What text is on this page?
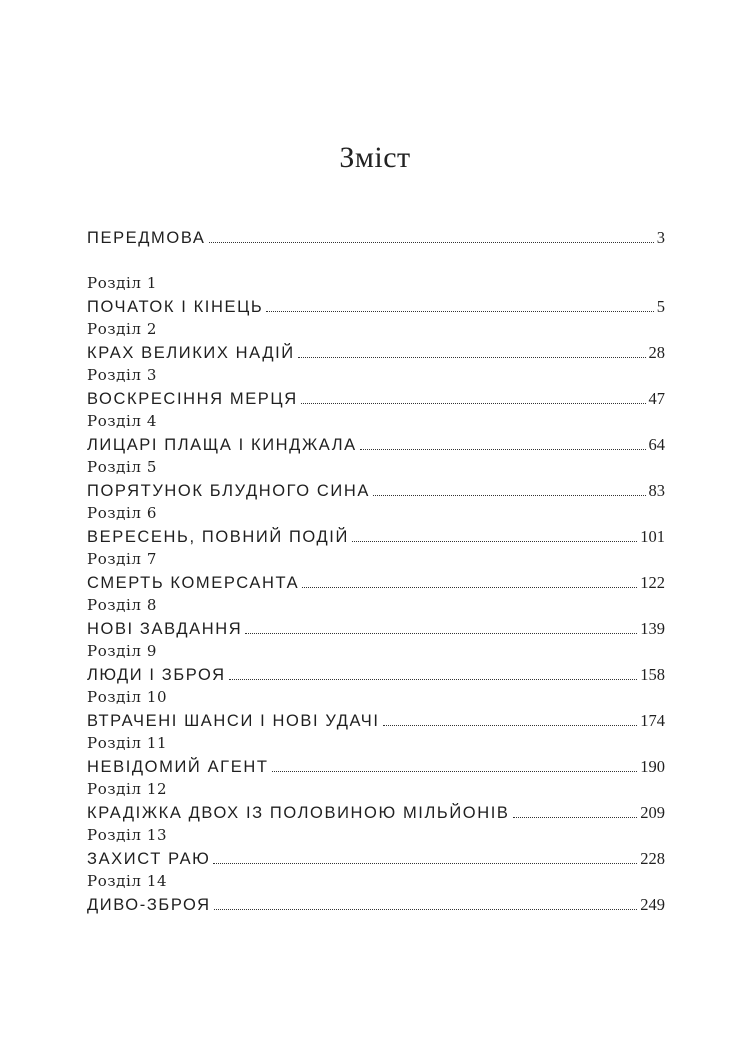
Зміст
ПЕРЕДМОВА	3
Розділ 1
ПОЧАТОК І КІНЕЦЬ	5
Розділ 2
КРАХ ВЕЛИКИХ НАДІЙ	28
Розділ 3
ВОСКРЕСІННЯ МЕРЦЯ	47
Розділ 4
ЛИЦАРІ ПЛАЩА І КИНДЖАЛА	64
Розділ 5
ПОРЯТУНОК БЛУДНОГО СИНА	83
Розділ 6
ВЕРЕСЕНЬ, ПОВНИЙ ПОДІЙ	101
Розділ 7
СМЕРТЬ КОМЕРСАНТА	122
Розділ 8
НОВІ ЗАВДАННЯ	139
Розділ 9
ЛЮДИ І ЗБРОЯ	158
Розділ 10
ВТРАЧЕНІ ШАНСИ І НОВІ УДАЧІ	174
Розділ 11
НЕВІДОМИЙ АГЕНТ	190
Розділ 12
КРАДІЖКА ДВОХ ІЗ ПОЛОВИНОЮ МІЛЬЙОНІВ	209
Розділ 13
ЗАХИСТ РАЮ	228
Розділ 14
ДИВО-ЗБРОЯ	249
